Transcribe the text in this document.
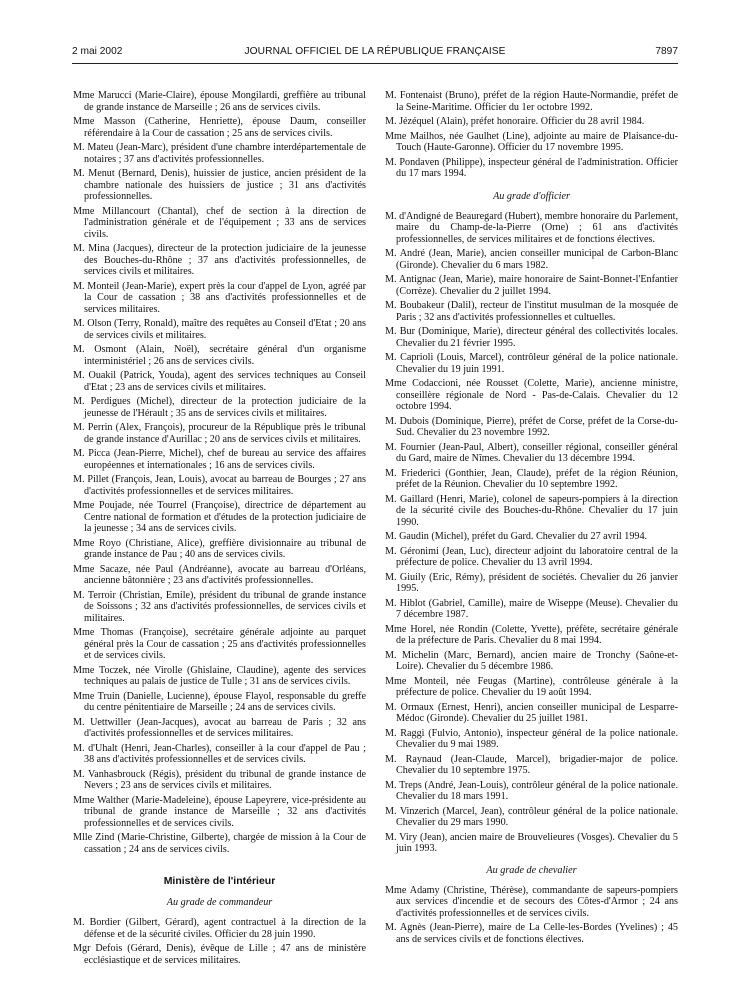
2 mai 2002	JOURNAL OFFICIEL DE LA RÉPUBLIQUE FRANÇAISE	7897

Mme Marucci (Marie-Claire), épouse Mongilardi, greffière au tribunal de grande instance de Marseille ; 26 ans de services civils.

Mme Masson (Catherine, Henriette), épouse Daum, conseiller référendaire à la Cour de cassation ; 25 ans de services civils.

M. Mateu (Jean-Marc), président d'une chambre interdépartementale de notaires ; 37 ans d'activités professionnelles.

M. Menut (Bernard, Denis), huissier de justice, ancien président de la chambre nationale des huissiers de justice ; 31 ans d'activités professionnelles.

Mme Millancourt (Chantal), chef de section à la direction de l'administration générale et de l'équipement ; 33 ans de services civils.

M. Mina (Jacques), directeur de la protection judiciaire de la jeunesse des Bouches-du-Rhône ; 37 ans d'activités professionnelles, de services civils et militaires.

M. Monteil (Jean-Marie), expert près la cour d'appel de Lyon, agréé par la Cour de cassation ; 38 ans d'activités professionnelles et de services militaires.

M. Olson (Terry, Ronald), maître des requêtes au Conseil d'Etat ; 20 ans de services civils et militaires.

M. Osmont (Alain, Noël), secrétaire général d'un organisme interministériel ; 26 ans de services civils.

M. Ouakil (Patrick, Youda), agent des services techniques au Conseil d'Etat ; 23 ans de services civils et militaires.

M. Perdigues (Michel), directeur de la protection judiciaire de la jeunesse de l'Hérault ; 35 ans de services civils et militaires.

M. Perrin (Alex, François), procureur de la République près le tribunal de grande instance d'Aurillac ; 20 ans de services civils et militaires.

M. Picca (Jean-Pierre, Michel), chef de bureau au service des affaires européennes et internationales ; 16 ans de services civils.

M. Pillet (François, Jean, Louis), avocat au barreau de Bourges ; 27 ans d'activités professionnelles et de services militaires.

Mme Poujade, née Tourrel (Françoise), directrice de département au Centre national de formation et d'études de la protection judiciaire de la jeunesse ; 34 ans de services civils.

Mme Royo (Christiane, Alice), greffière divisionnaire au tribunal de grande instance de Pau ; 40 ans de services civils.

Mme Sacaze, née Paul (Andréanne), avocate au barreau d'Orléans, ancienne bâtonnière ; 23 ans d'activités professionnelles.

M. Terroir (Christian, Emile), président du tribunal de grande instance de Soissons ; 32 ans d'activités professionnelles, de services civils et militaires.

Mme Thomas (Françoise), secrétaire générale adjointe au parquet général près la Cour de cassation ; 25 ans d'activités professionnelles et de services civils.

Mme Toczek, née Virolle (Ghislaine, Claudine), agente des services techniques au palais de justice de Tulle ; 31 ans de services civils.

Mme Truin (Danielle, Lucienne), épouse Flayol, responsable du greffe du centre pénitentiaire de Marseille ; 24 ans de services civils.

M. Uettwiller (Jean-Jacques), avocat au barreau de Paris ; 32 ans d'activités professionnelles et de services militaires.

M. d'Uhalt (Henri, Jean-Charles), conseiller à la cour d'appel de Pau ; 38 ans d'activités professionnelles et de services civils.

M. Vanhasbrouck (Régis), président du tribunal de grande instance de Nevers ; 23 ans de services civils et militaires.

Mme Walther (Marie-Madeleine), épouse Lapeyrere, vice-présidente au tribunal de grande instance de Marseille ; 32 ans d'activités professionnelles et de services civils.

Mlle Zind (Marie-Christine, Gilberte), chargée de mission à la Cour de cassation ; 24 ans de services civils.

Ministère de l'intérieur
Au grade de commandeur

M. Bordier (Gilbert, Gérard), agent contractuel à la direction de la défense et de la sécurité civiles. Officier du 28 juin 1990.

Mgr Defois (Gérard, Denis), évêque de Lille ; 47 ans de ministère ecclésiastique et de services militaires.

M. Fontenaist (Bruno), préfet de la région Haute-Normandie, préfet de la Seine-Maritime. Officier du 1er octobre 1992.

M. Jézéquel (Alain), préfet honoraire. Officier du 28 avril 1984.

Mme Mailhos, née Gaulhet (Line), adjointe au maire de Plaisance-du-Touch (Haute-Garonne). Officier du 17 novembre 1995.

M. Pondaven (Philippe), inspecteur général de l'administration. Officier du 17 mars 1994.

Au grade d'officier

M. d'Andigné de Beauregard (Hubert), membre honoraire du Parlement, maire du Champ-de-la-Pierre (Orne) ; 61 ans d'activités professionnelles, de services militaires et de fonctions électives.

M. André (Jean, Marie), ancien conseiller municipal de Carbon-Blanc (Gironde). Chevalier du 6 mars 1982.

M. Antignac (Jean, Marie), maire honoraire de Saint-Bonnet-l'Enfantier (Corrèze). Chevalier du 2 juillet 1994.

M. Boubakeur (Dalil), recteur de l'institut musulman de la mosquée de Paris ; 32 ans d'activités professionnelles et cultuelles.

M. Bur (Dominique, Marie), directeur général des collectivités locales. Chevalier du 21 février 1995.

M. Caprioli (Louis, Marcel), contrôleur général de la police nationale. Chevalier du 19 juin 1991.

Mme Codaccioni, née Rousset (Colette, Marie), ancienne ministre, conseillère régionale de Nord - Pas-de-Calais. Chevalier du 12 octobre 1994.

M. Dubois (Dominique, Pierre), préfet de Corse, préfet de la Corse-du-Sud. Chevalier du 23 novembre 1992.

M. Fournier (Jean-Paul, Albert), conseiller régional, conseiller général du Gard, maire de Nîmes. Chevalier du 13 décembre 1994.

M. Friederici (Gonthier, Jean, Claude), préfet de la région Réunion, préfet de la Réunion. Chevalier du 10 septembre 1992.

M. Gaillard (Henri, Marie), colonel de sapeurs-pompiers à la direction de la sécurité civile des Bouches-du-Rhône. Chevalier du 17 juin 1990.

M. Gaudin (Michel), préfet du Gard. Chevalier du 27 avril 1994.

M. Géronimi (Jean, Luc), directeur adjoint du laboratoire central de la préfecture de police. Chevalier du 13 avril 1994.

M. Giuily (Eric, Rémy), président de sociétés. Chevalier du 26 janvier 1995.

M. Hiblot (Gabriel, Camille), maire de Wiseppe (Meuse). Chevalier du 7 décembre 1987.

Mme Horel, née Rondin (Colette, Yvette), préfète, secrétaire générale de la préfecture de Paris. Chevalier du 8 mai 1994.

M. Michelin (Marc, Bernard), ancien maire de Tronchy (Saône-et-Loire). Chevalier du 5 décembre 1986.

Mme Monteil, née Feugas (Martine), contrôleuse générale à la préfecture de police. Chevalier du 19 août 1994.

M. Ormaux (Ernest, Henri), ancien conseiller municipal de Lesparre-Médoc (Gironde). Chevalier du 25 juillet 1981.

M. Raggi (Fulvio, Antonio), inspecteur général de la police nationale. Chevalier du 9 mai 1989.

M. Raynaud (Jean-Claude, Marcel), brigadier-major de police. Chevalier du 10 septembre 1975.

M. Treps (André, Jean-Louis), contrôleur général de la police nationale. Chevalier du 18 mars 1991.

M. Vinzerich (Marcel, Jean), contrôleur général de la police nationale. Chevalier du 29 mars 1990.

M. Viry (Jean), ancien maire de Brouvelieures (Vosges). Chevalier du 5 juin 1993.

Au grade de chevalier

Mme Adamy (Christine, Thérèse), commandante de sapeurs-pompiers aux services d'incendie et de secours des Côtes-d'Armor ; 24 ans d'activités professionnelles et de services civils.

M. Agnès (Jean-Pierre), maire de La Celle-les-Bordes (Yvelines) ; 45 ans de services civils et de fonctions électives.
